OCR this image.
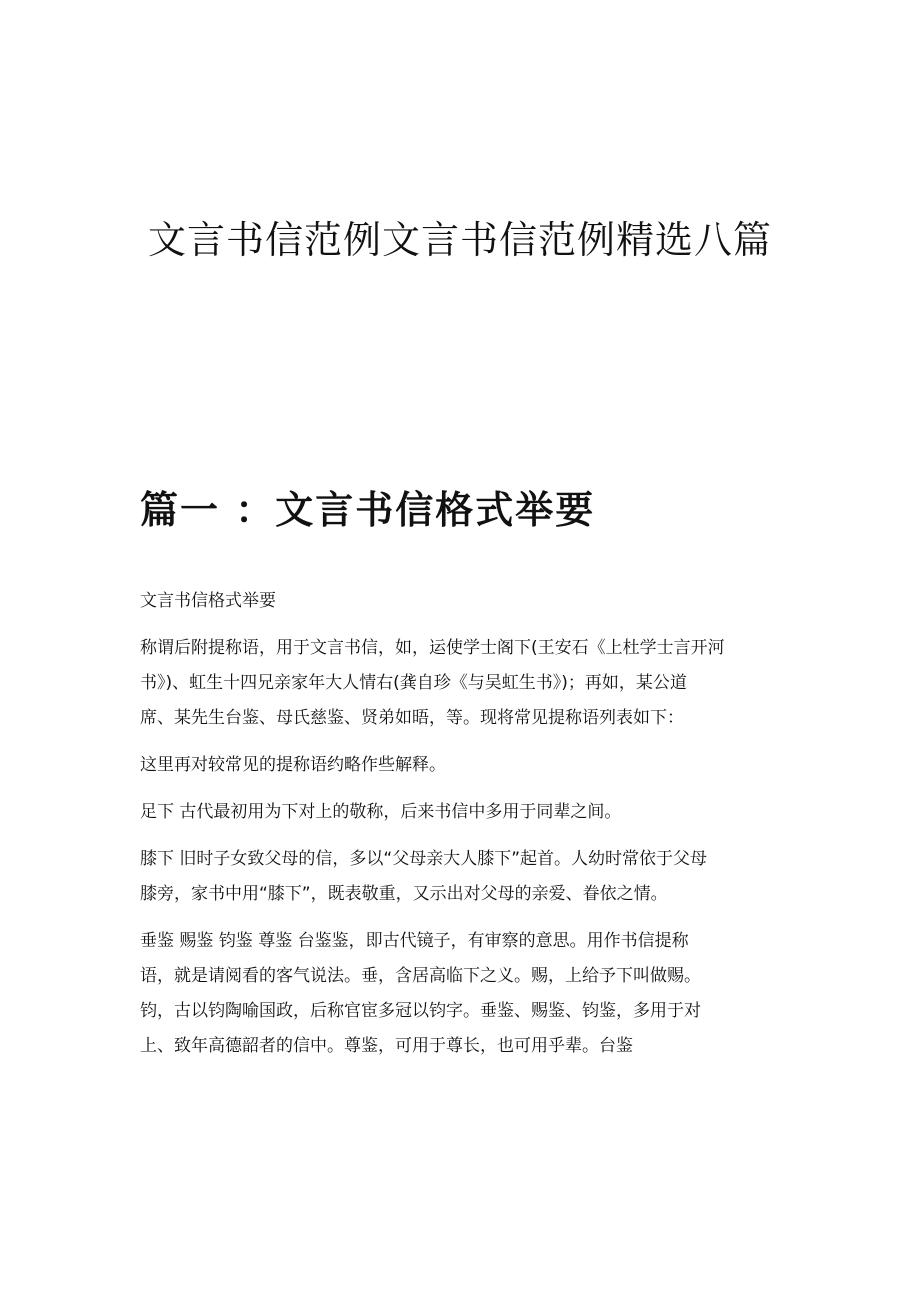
文言书信范例文言书信范例精选八篇
篇一 ：文言书信格式举要

文言书信格式举要

称谓后附提称语，用于文言书信，如，运使学士阁下(王安石《上杜学士言开河
书》)、虹生十四兄亲家年大人情右(龚自珍《与吴虹生书》)；再如，某公道
席、某先生台鉴、母氏慈鉴、贤弟如晤，等。现将常见提称语列表如下：

这里再对较常见的提称语约略作些解释。

足下 古代最初用为下对上的敬称，后来书信中多用于同辈之间。

膝下 旧时子女致父母的信，多以“父母亲大人膝下”起首。人幼时常依于父母
膝旁，家书中用“膝下”，既表敬重，又示出对父母的亲爱、眷依之情。

垂鉴 赐鉴 钧鉴 尊鉴 台鉴鉴，即古代镜子，有审察的意思。用作书信提称
语，就是请阅看的客气说法。垂，含居高临下之义。赐，上给予下叫做赐。
钧，古以钧陶喻国政，后称官宦多冠以钧字。垂鉴、赐鉴、钧鉴，多用于对
上、致年高德韶者的信中。尊鉴，可用于尊长，也可用乎辈。台鉴
